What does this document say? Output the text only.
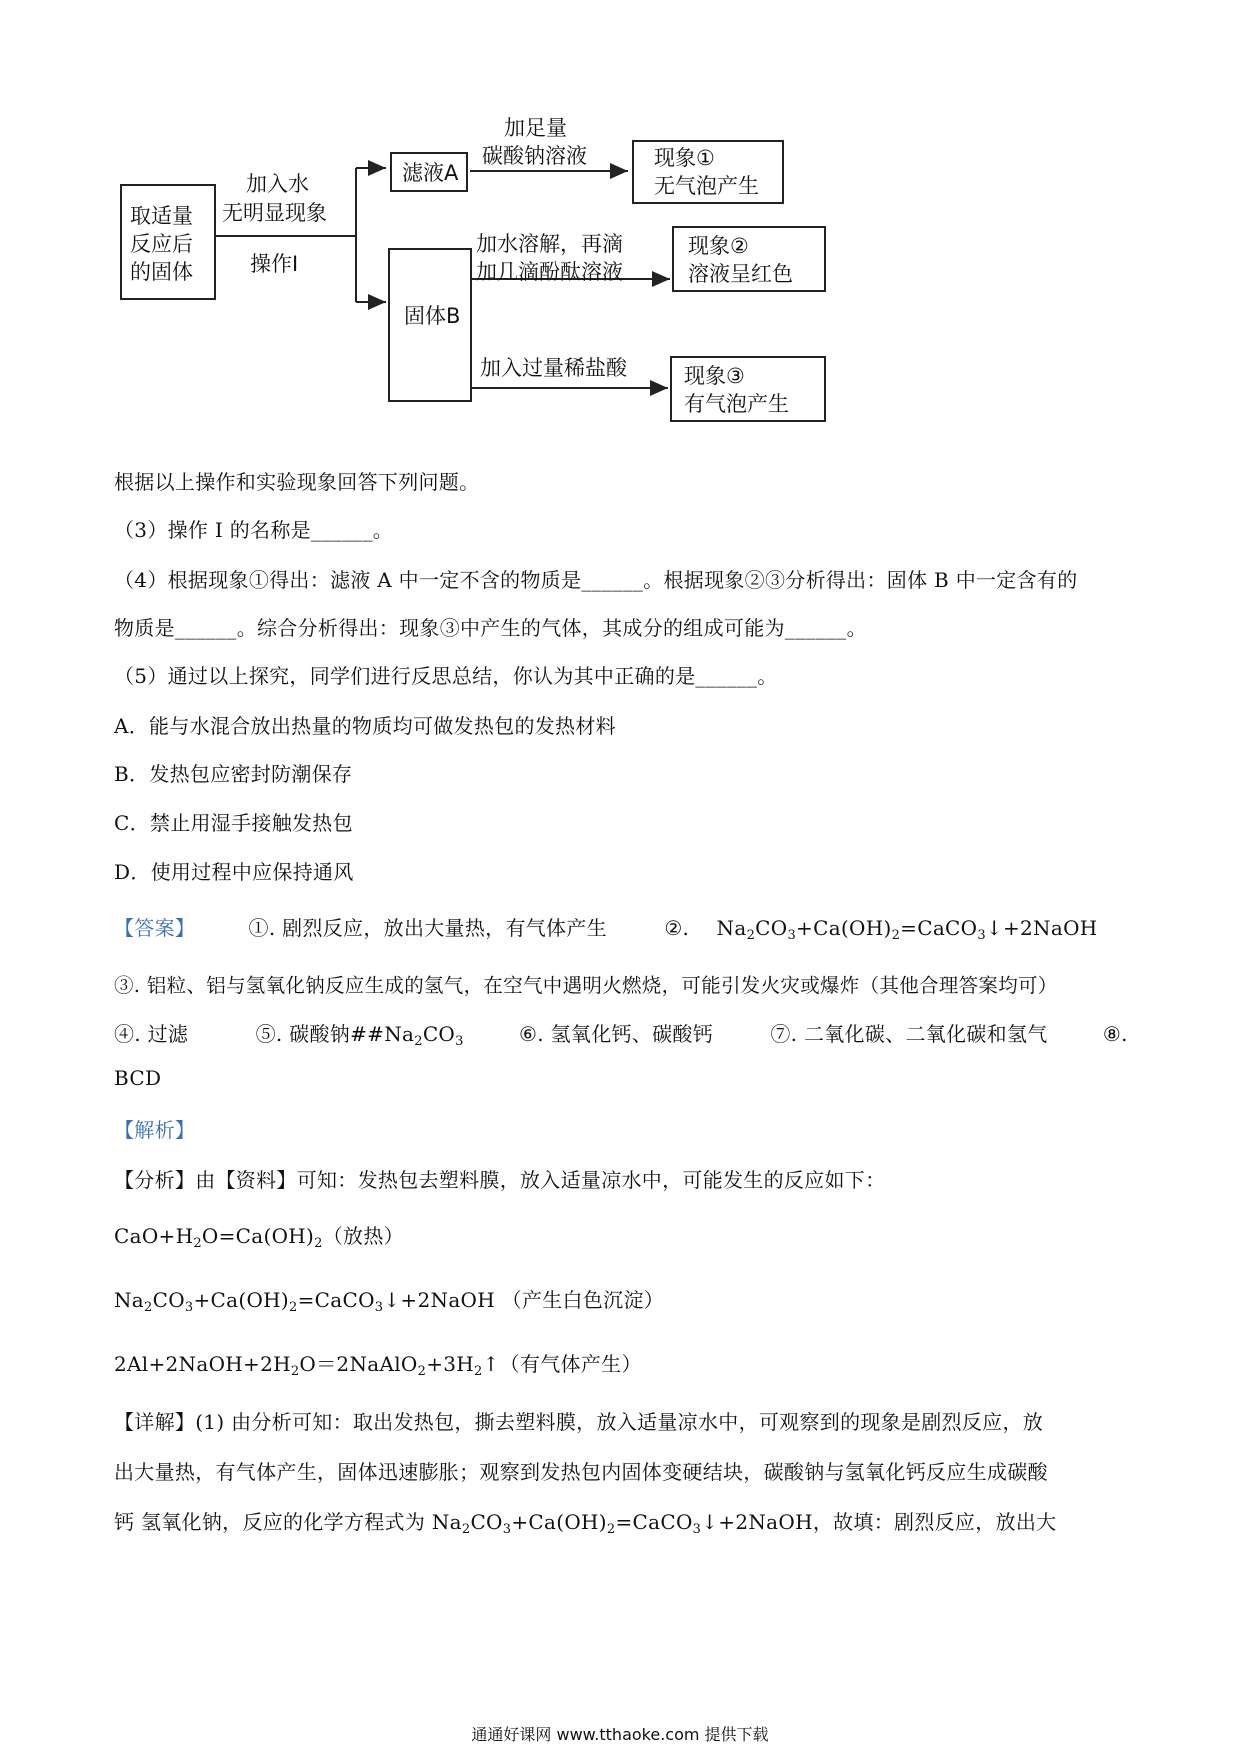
取适量
反应后
的固体
加入水
无明显现象
操作I
滤液A
固体B
加足量
碳酸钠溶液
加水溶解，再滴
加几滴酚酞溶液
加入过量稀盐酸
现象①
无气泡产生
现象②
溶液呈红色
现象③
有气泡产生
根据以上操作和实验现象回答下列问题。
（3）操作 I 的名称是______。
（4）根据现象①得出：滤液 A 中一定不含的物质是______。根据现象②③分析得出：固体 B 中一定含有的
物质是______。综合分析得出：现象③中产生的气体，其成分的组成可能为______。
（5）通过以上探究，同学们进行反思总结，你认为其中正确的是______。
A．能与水混合放出热量的物质均可做发热包的发热材料
B．发热包应密封防潮保存
C．禁止用湿手接触发热包
D．使用过程中应保持通风
【答案】	①. 剧烈反应，放出大量热，有气体产生	②. $Na_2CO_3+Ca(OH)_2=CaCO_3↓+2NaOH$
③. 铝粒、铝与氢氧化钠反应生成的氢气，在空气中遇明火燃烧，可能引发火灾或爆炸（其他合理答案均可）
④. 过滤	⑤. 碳酸钠$\#\#Na_2CO_3$	⑥. 氢氧化钙、碳酸钙	⑦. 二氧化碳、二氧化碳和氢气	⑧.
BCD
【解析】
【分析】由【资料】可知：发热包去塑料膜，放入适量凉水中，可能发生的反应如下：
$CaO+H_2O=Ca(OH)_2$（放热）
$Na_2CO_3+Ca(OH)_2=CaCO_3↓+2NaOH$ （产生白色沉淀）
$2Al+2NaOH+2H_2O=2NaAlO_2+3H_2↑$（有气体产生）
【详解】(1) 由分析可知：取出发热包，撕去塑料膜，放入适量凉水中，可观察到的现象是剧烈反应，放
出大量热，有气体产生，固体迅速膨胀；观察到发热包内固体变硬结块，碳酸钠与氢氧化钙反应生成碳酸
钙 氢氧化钠，反应的化学方程式为 $Na_2CO_3+Ca(OH)_2=CaCO_3↓+2NaOH$，故填：剧烈反应，放出大
通通好课网 www.tthaoke.com 提供下载
